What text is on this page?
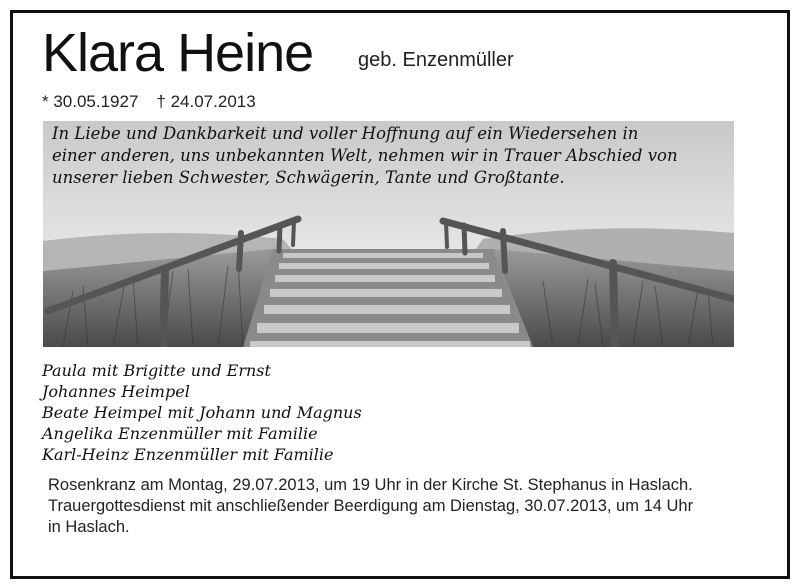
Klara Heine geb. Enzenmüller
* 30.05.1927 † 24.07.2013
In Liebe und Dankbarkeit und voller Hoffnung auf ein Wiedersehen in
einer anderen, uns unbekannten Welt, nehmen wir in Trauer Abschied von
unserer lieben Schwester, Schwägerin, Tante und Großtante.
Paula mit Brigitte und Ernst
Johannes Heimpel
Beate Heimpel mit Johann und Magnus
Angelika Enzenmüller mit Familie
Karl-Heinz Enzenmüller mit Familie
Rosenkranz am Montag, 29.07.2013, um 19 Uhr in der Kirche St. Stephanus in Haslach.
Trauergottesdienst mit anschließender Beerdigung am Dienstag, 30.07.2013, um 14 Uhr
in Haslach.
